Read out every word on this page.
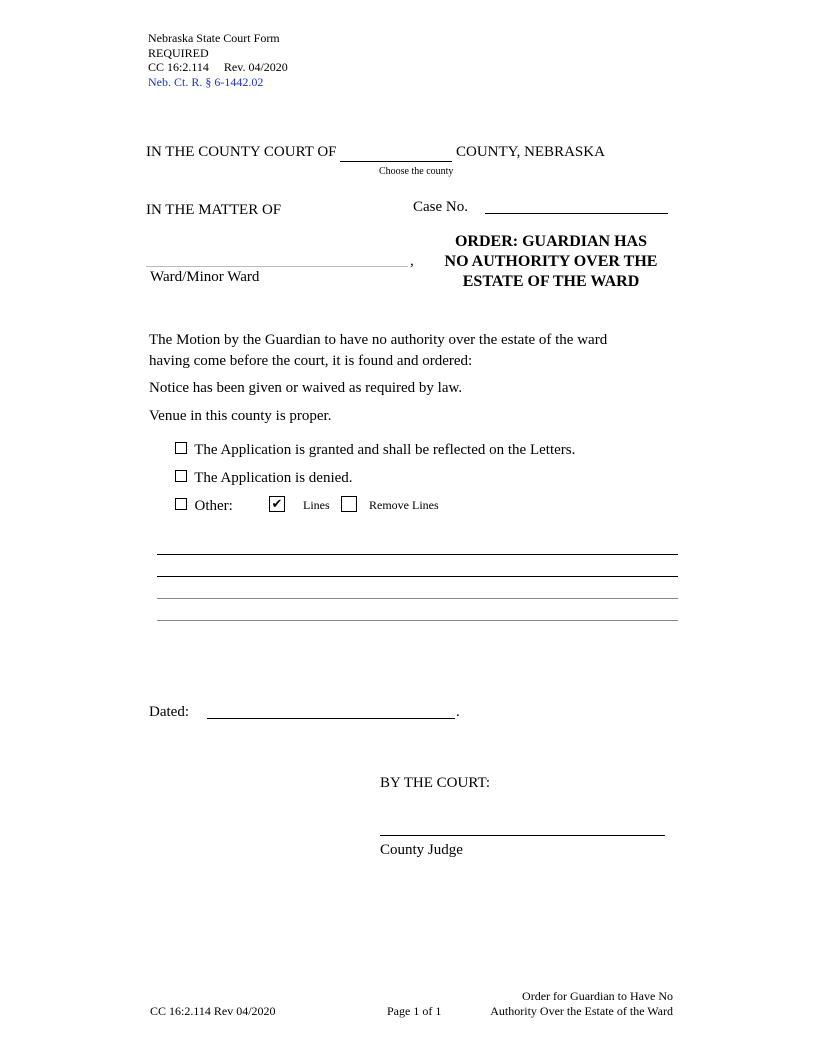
Nebraska State Court Form
REQUIRED
CC 16:2.114 Rev. 04/2020
Neb. Ct. R. § 6-1442.02
IN THE COUNTY COURT OF	COUNTY, NEBRASKA
Choose the county
IN THE MATTER OF	Case No.
,
Ward/Minor Ward
ORDER: GUARDIAN HAS
NO AUTHORITY OVER THE
ESTATE OF THE WARD
The Motion by the Guardian to have no authority over the estate of the ward
having come before the court, it is found and ordered:
Notice has been given or waived as required by law.
Venue in this county is proper.
The Application is granted and shall be reflected on the Letters.
The Application is denied.
Other:	✔ Lines	Remove Lines
Dated:	.
BY THE COURT:
County Judge
CC 16:2.114 Rev 04/2020	Page 1 of 1
Order for Guardian to Have No
Authority Over the Estate of the Ward
